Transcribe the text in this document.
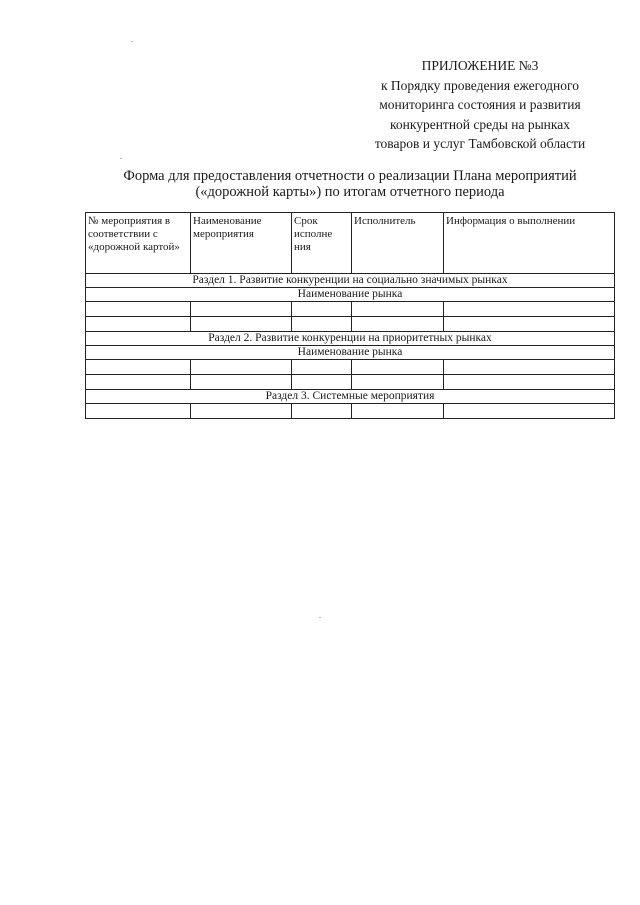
ПРИЛОЖЕНИЕ №3
к Порядку проведения ежегодного
мониторинга состояния и развития
конкурентной среды на рынках
товаров и услуг Тамбовской области
Форма для предоставления отчетности о реализации Плана мероприятий
(«дорожной карты») по итогам отчетного периода
№ мероприятия в соответствии с «дорожной картой»	Наименование мероприятия	Срок исполне ния	Исполнитель	Информация о выполнении
Раздел 1. Развитие конкуренции на социально значимых рынках				
Наименование рынка				

Раздел 2. Развитие конкуренции на приоритетных рынках				
Наименование рынка				

Раздел 3. Системные мероприятия				
